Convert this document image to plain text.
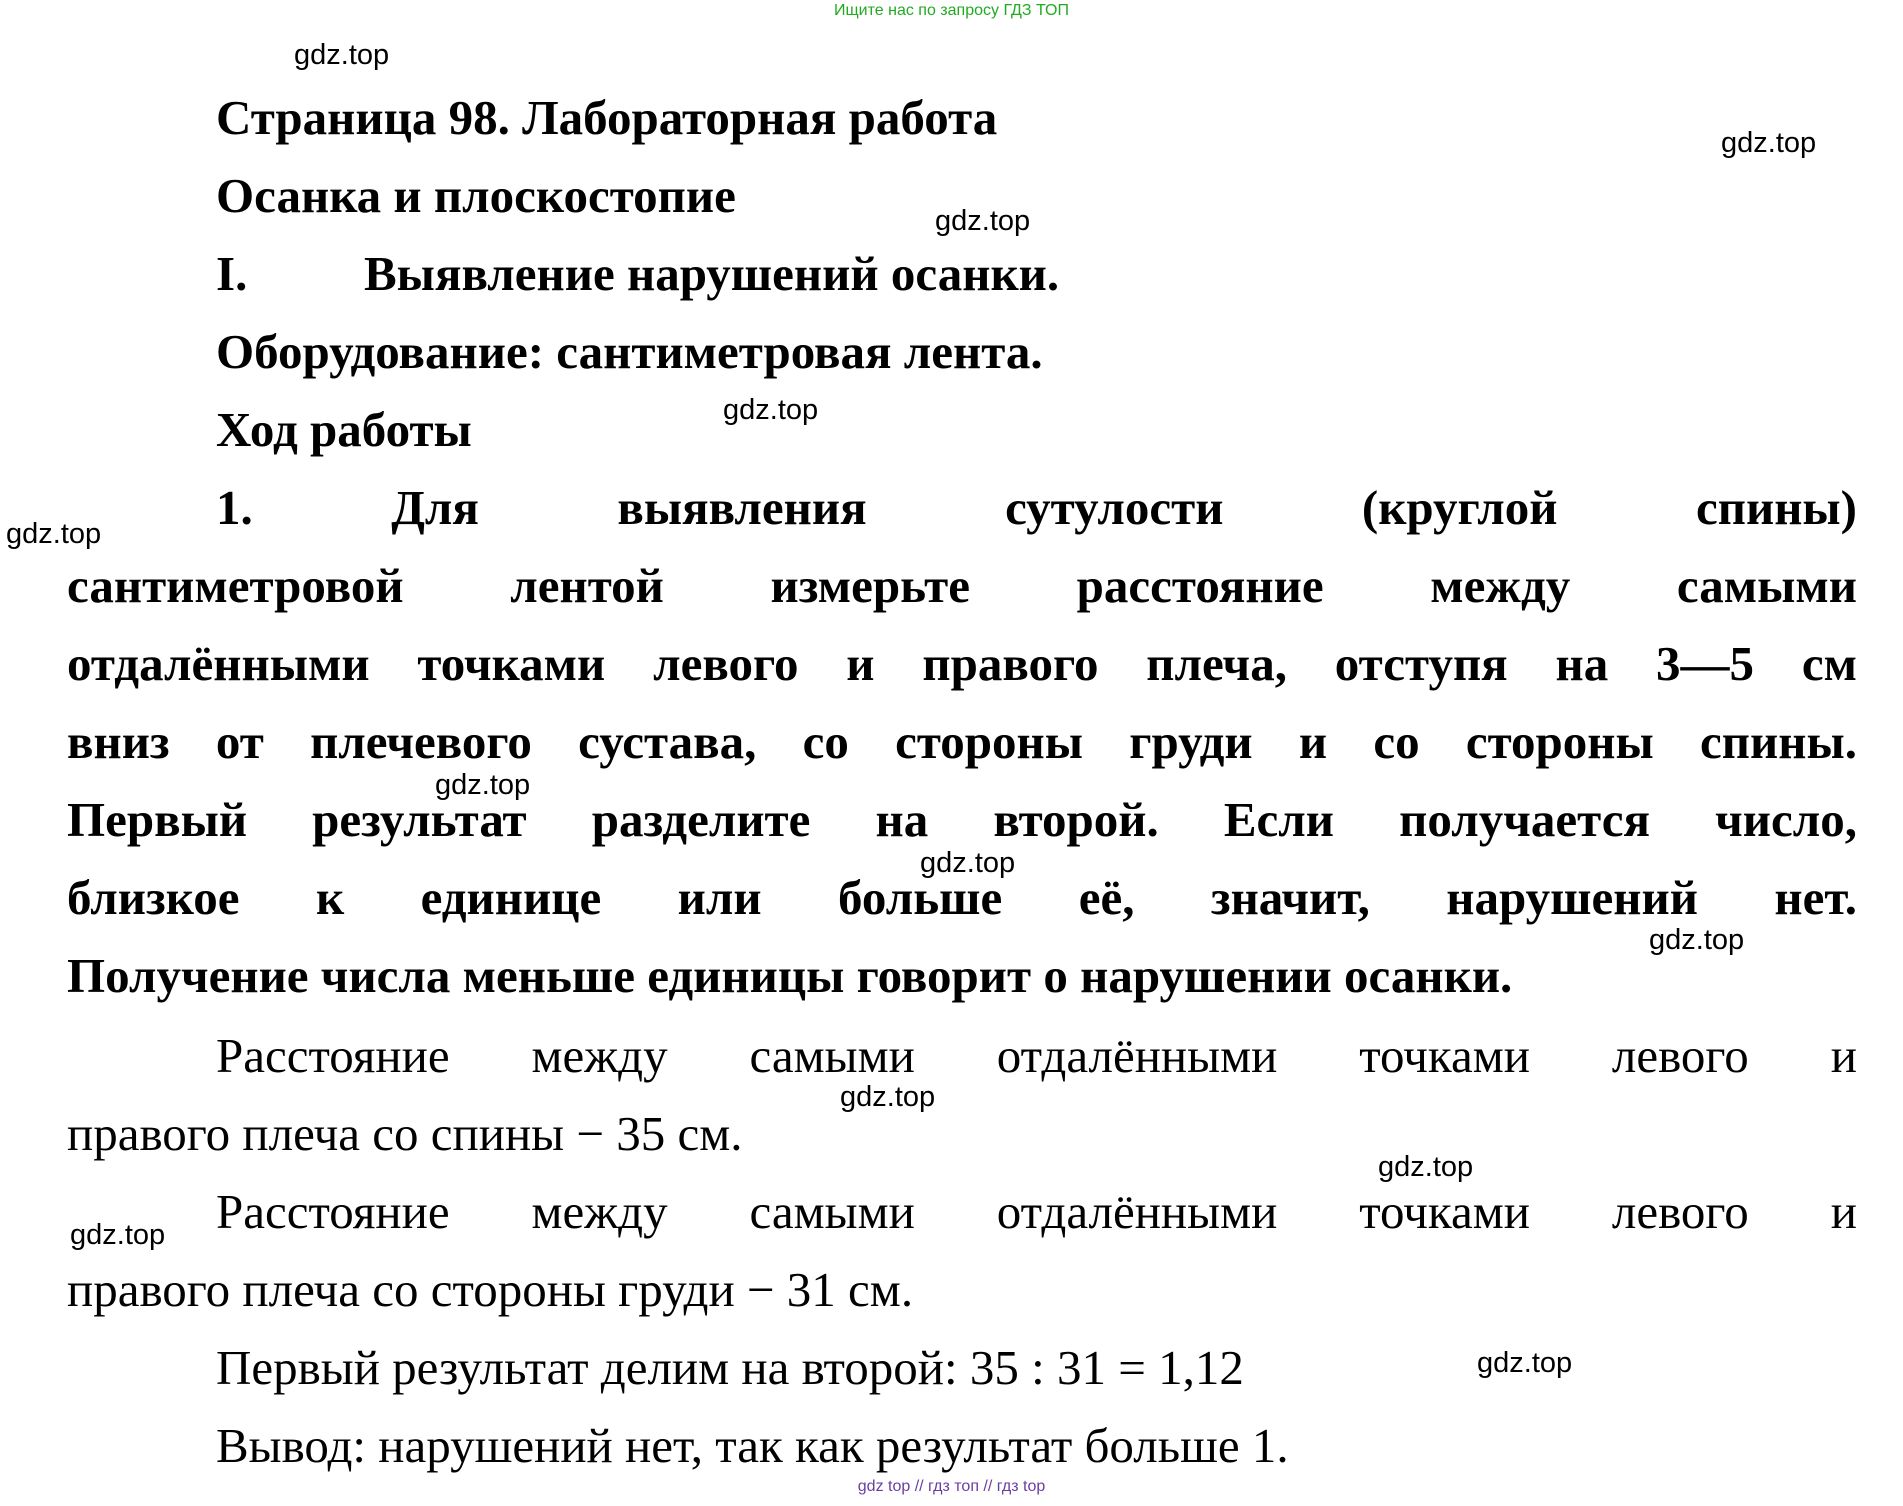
Ищите нас по запросу ГДЗ ТОП
gdz.top
gdz.top
gdz.top
gdz.top
gdz.top
gdz.top
gdz.top
gdz.top
gdz.top
gdz.top
gdz.top
gdz.top
Страница 98. Лабораторная работа
Осанка и плоскостопие
I. Выявление нарушений осанки.
Оборудование: сантиметровая лента.
Ход работы
1. Для выявления сутулости (круглой спины)
сантиметровой лентой измерьте расстояние между самыми
отдалёнными точками левого и правого плеча, отступя на 3—5 см
вниз от плечевого сустава, со стороны груди и со стороны спины.
Первый результат разделите на второй. Если получается число,
близкое к единице или больше её, значит, нарушений нет.
Получение числа меньше единицы говорит о нарушении осанки.
Расстояние между самыми отдалёнными точками левого и
правого плеча со спины − 35 см.
Расстояние между самыми отдалёнными точками левого и
правого плеча со стороны груди − 31 см.
Первый результат делим на второй: 35 : 31 = 1,12
Вывод: нарушений нет, так как результат больше 1.
gdz top // гдз топ // гдз top
